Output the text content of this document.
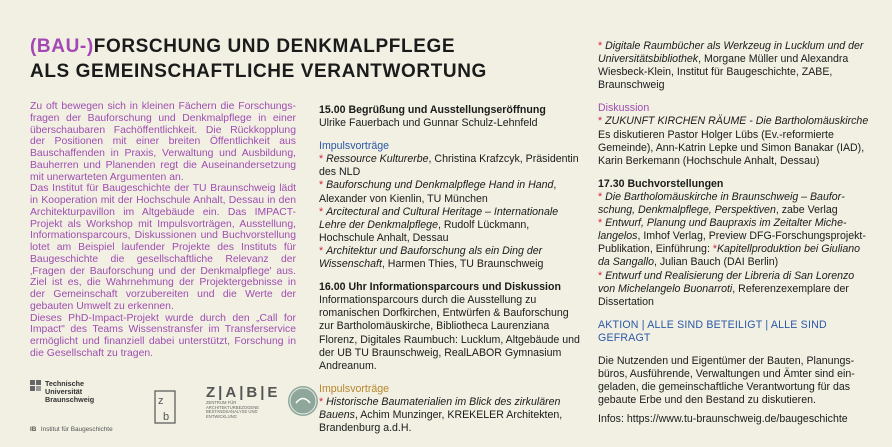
(BAU-)FORSCHUNG UND DENKMALPFLEGE
ALS GEMEINSCHAFTLICHE VERANTWORTUNG

Zu oft bewegen sich in kleinen Fächern die Forschungsfragen der Bauforschung und Denkmalpflege in einer überschaubaren Fachöffentlichkeit. Die Rückkopplung der Positionen mit einer breiten Öffentlichkeit aus Bauschaffenden in Praxis, Verwaltung und Ausbildung, Bauherren und Planenden regt die Auseinandersetzung mit unerwarteten Argumenten an.

Das Institut für Baugeschichte der TU Braunschweig lädt in Kooperation mit der Hochschule Anhalt, Dessau in den Architekturpavillon im Altgebäude ein. Das IMPACT-Projekt als Workshop mit Impulsvorträgen, Ausstellung, Informationsparcours, Diskussionen und Buchvorstellung lotet am Beispiel laufender Projekte des Instituts für Baugeschichte die gesellschaftliche Relevanz der ‚Fragen der Bauforschung und der Denkmalpflege' aus. Ziel ist es, die Wahrnehmung der Projektergebnisse in der Gemeinschaft vorzubereiten und die Werte der gebauten Umwelt zu erkennen.

Dieses PhD-Impact-Projekt wurde durch den „Call for Impact" des Teams Wissenstransfer im Transferservice ermöglicht und finanziell dabei unterstützt, Forschung in die Gesellschaft zu tragen.

15.00 Begrüßung und Ausstellungseröffnung
Ulrike Fauerbach und Gunnar Schulz-Lehnfeld
Impulsvorträge
* Ressource Kulturerbe, Christina Krafzcyk, Präsidentin des NLD
* Bauforschung und Denkmalpflege Hand in Hand, Alexander von Kienlin, TU München
* Arcitectural and Cultural Heritage – Internationale Lehre der Denkmalpflege, Rudolf Lückmann, Hochschule Anhalt, Dessau
* Architektur und Bauforschung als ein Ding der Wissenschaft, Harmen Thies, TU Braunschweig
16.00 Uhr Informationsparcours und Diskussion
Informationsparcours durch die Ausstellung zu romanischen Dorfkirchen, Entwürfen & Bauforschung zur Bartholomäuskirche, Bibliotheca Laurenziana Florenz, Digitales Raumbuch: Lucklum, Altgebäude und der UB TU Braunschweig, RealLABOR Gymnasium Andreanum.
Impulsvorträge
* Historische Baumaterialien im Blick des zirkulären Bauens, Achim Munzinger, KREKELER Architekten, Brandenburg a.d.H.
* Digitale Raumbücher als Werkzeug in Lucklum und der Universitätsbibliothek, Morgane Müller und Alexandra Wiesbeck-Klein, Institut für Baugeschichte, ZABE, Braunschweig
Diskussion
* ZUKUNFT KIRCHEN RÄUME - Die Bartholomäuskirche
Es diskutieren Pastor Holger Lübs (Ev.-reformierte Gemeinde), Ann-Katrin Lepke und Simon Banakar (IAD), Karin Berkemann (Hochschule Anhalt, Dessau)
17.30 Buchvorstellungen
* Die Bartholomäuskirche in Braunschweig – Bauforschung, Denkmalpflege, Perspektiven, zabe Verlag
* Entwurf, Planung und Baupraxis im Zeitalter Michelangelos, Imhof Verlag, Preview DFG-Forschungsprojekt-Publikation, Einführung: *Kapitellproduktion bei Giuliano da Sangallo, Julian Bauch (DAI Berlin)
* Entwurf und Realisierung der Libreria di San Lorenzo von Michelangelo Buonarroti, Referenzexemplare der Dissertation
AKTION | ALLE SIND BETEILIGT | ALLE SIND GEFRAGT
Die Nutzenden und Eigentümer der Bauten, Planungsbüros, Ausführende, Verwaltungen und Ämter sind eingeladen, die gemeinschaftliche Verantwortung für das gebaute Erbe und den Bestand zu diskutieren.
Infos: https://www.tu-braunschweig.de/baugeschichte
Technische
Universität
Braunschweig
IB Institut für Baugeschichte
z
b
Z|A|B|E
ZENTRUM FÜR ARCHITEKTURBEZOGENE BESTANDSANALYSE UND ENTWICKLUNG
